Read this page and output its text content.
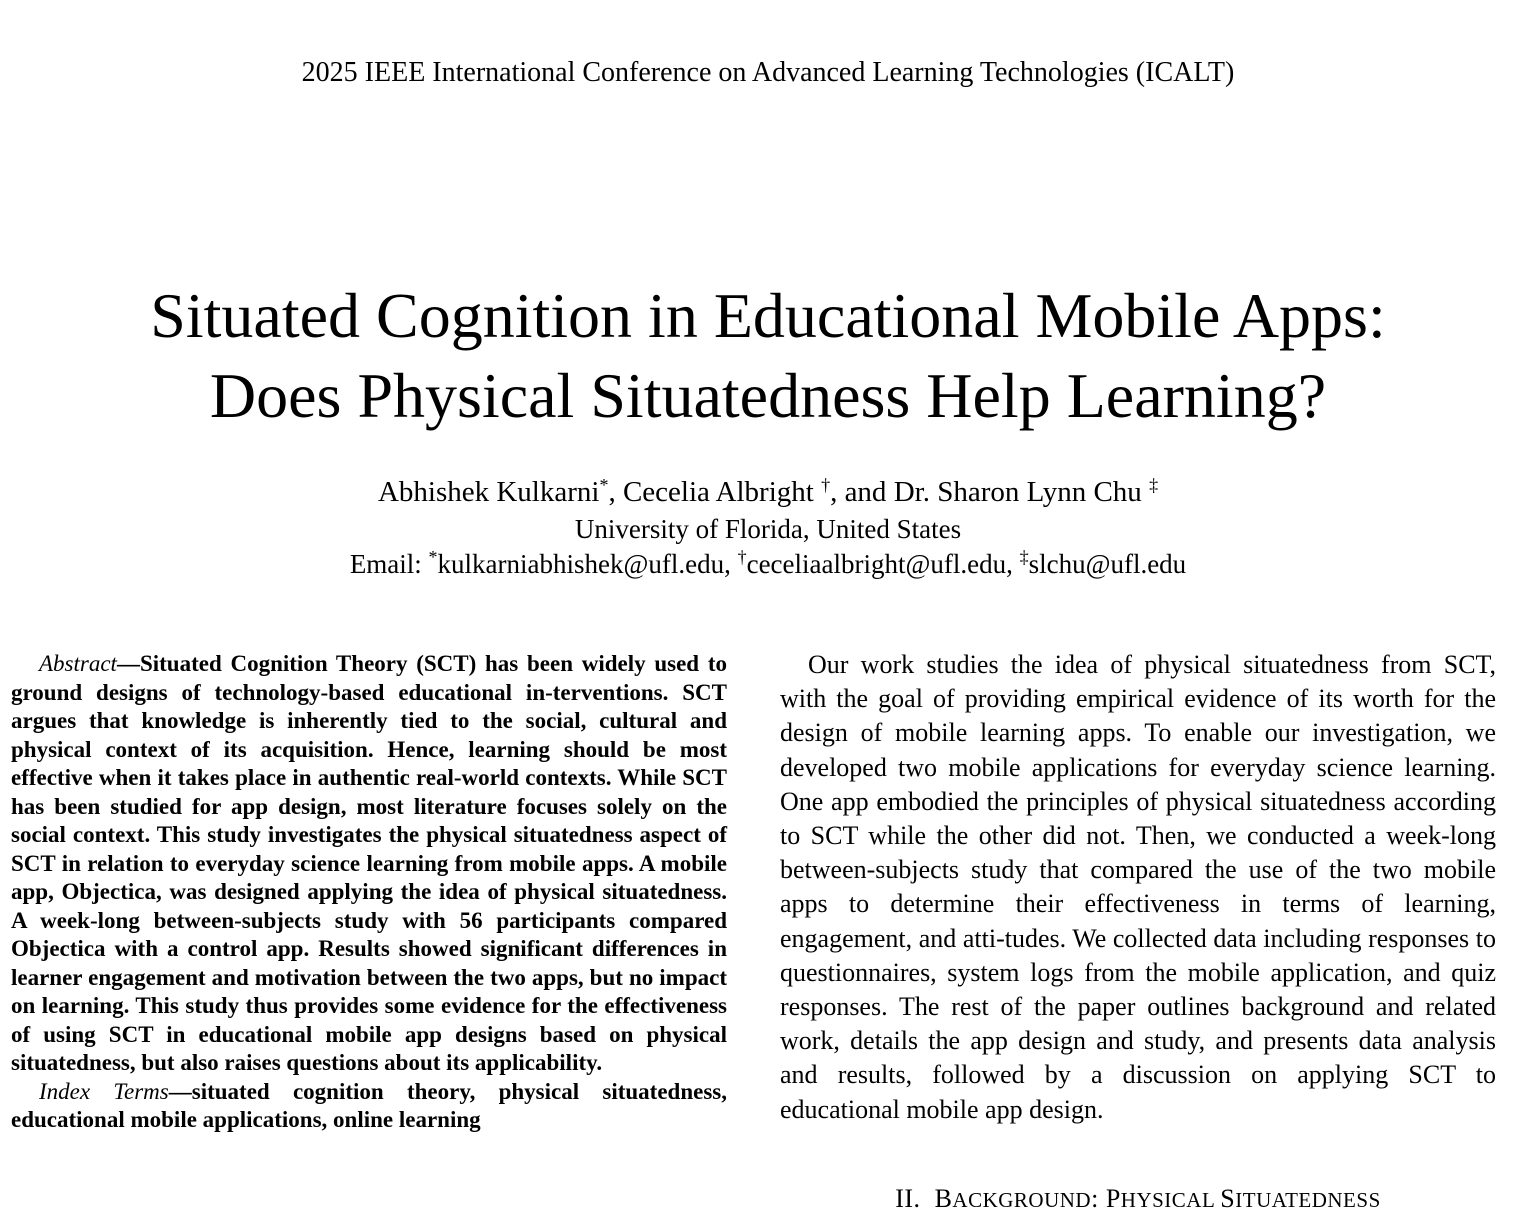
2025 IEEE International Conference on Advanced Learning Technologies (ICALT)
Situated Cognition in Educational Mobile Apps:
Does Physical Situatedness Help Learning?
Abhishek Kulkarni*, Cecelia Albright †, and Dr. Sharon Lynn Chu ‡
University of Florida, United States
Email: *kulkarniabhishek@ufl.edu, †ceceliaalbright@ufl.edu, ‡slchu@ufl.edu

Abstract—Situated Cognition Theory (SCT) has been widely used to ground designs of technology-based educational in-terventions. SCT argues that knowledge is inherently tied to the social, cultural and physical context of its acquisition. Hence, learning should be most effective when it takes place in authentic real-world contexts. While SCT has been studied for app design, most literature focuses solely on the social context. This study investigates the physical situatedness aspect of SCT in relation to everyday science learning from mobile apps. A mobile app, Objectica, was designed applying the idea of physical situatedness. A week-long between-subjects study with 56 participants compared Objectica with a control app. Results showed significant differences in learner engagement and motivation between the two apps, but no impact on learning. This study thus provides some evidence for the effectiveness of using SCT in educational mobile app designs based on physical situatedness, but also raises questions about its applicability.

Index Terms—situated cognition theory, physical situatedness, educational mobile applications, online learning

Our work studies the idea of physical situatedness from SCT, with the goal of providing empirical evidence of its worth for the design of mobile learning apps. To enable our investigation, we developed two mobile applications for everyday science learning. One app embodied the principles of physical situatedness according to SCT while the other did not. Then, we conducted a week-long between-subjects study that compared the use of the two mobile apps to determine their effectiveness in terms of learning, engagement, and atti-tudes. We collected data including responses to questionnaires, system logs from the mobile application, and quiz responses. The rest of the paper outlines background and related work, details the app design and study, and presents data analysis and results, followed by a discussion on applying SCT to educational mobile app design.

II. BACKGROUND: PHYSICAL SITUATEDNESS
